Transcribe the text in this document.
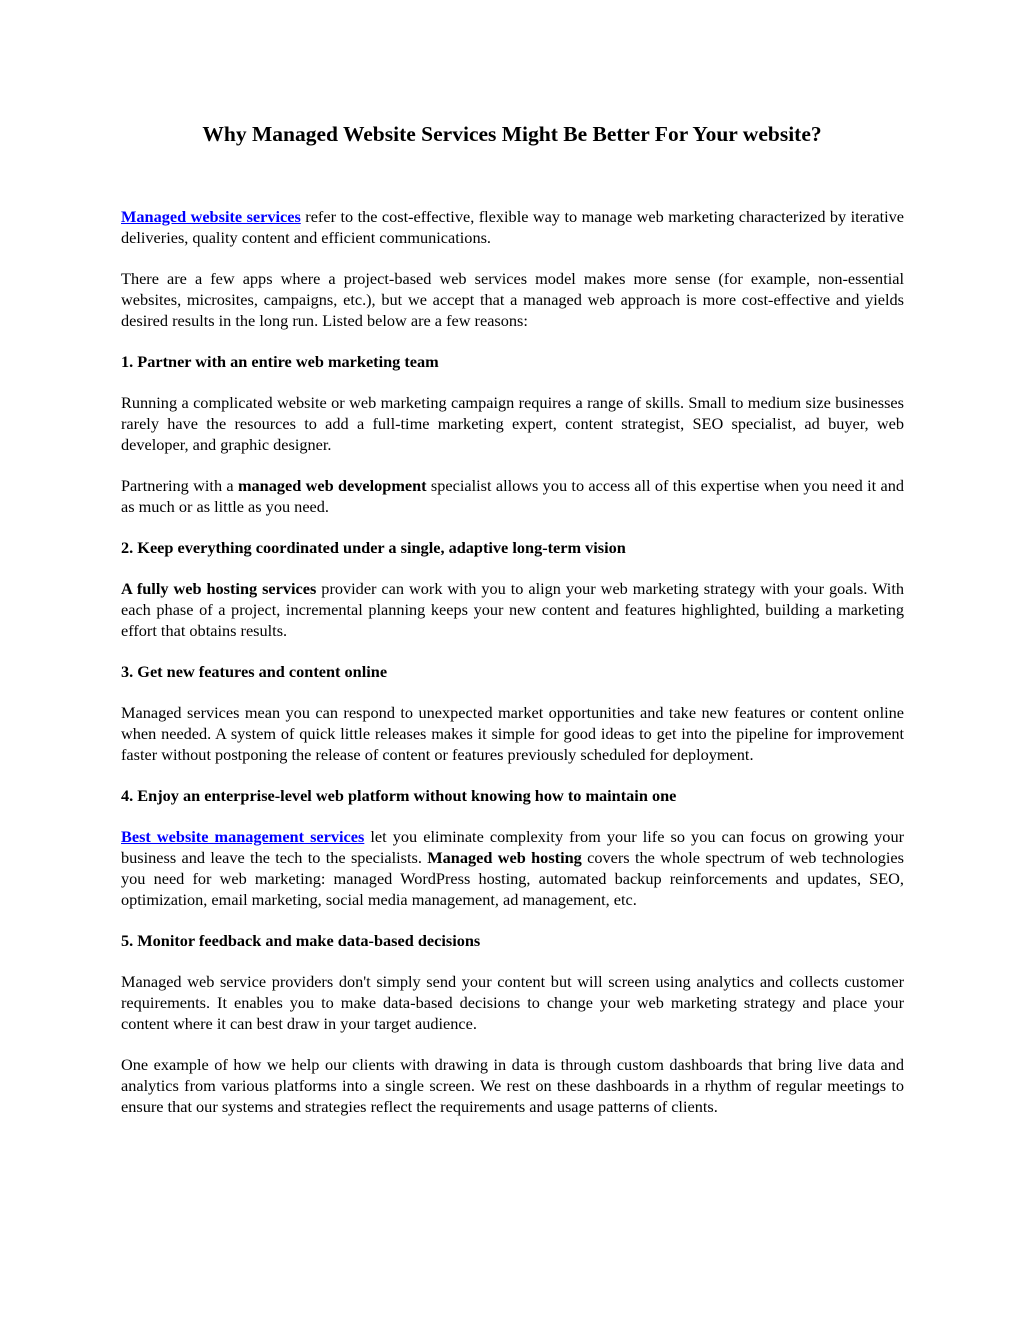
Why Managed Website Services Might Be Better For Your website?

Managed website services refer to the cost-effective, flexible way to manage web marketing characterized by iterative deliveries, quality content and efficient communications.

There are a few apps where a project-based web services model makes more sense (for example, non-essential websites, microsites, campaigns, etc.), but we accept that a managed web approach is more cost-effective and yields desired results in the long run. Listed below are a few reasons:

1. Partner with an entire web marketing team

Running a complicated website or web marketing campaign requires a range of skills. Small to medium size businesses rarely have the resources to add a full-time marketing expert, content strategist, SEO specialist, ad buyer, web developer, and graphic designer.

Partnering with a managed web development specialist allows you to access all of this expertise when you need it and as much or as little as you need.

2. Keep everything coordinated under a single, adaptive long-term vision

A fully web hosting services provider can work with you to align your web marketing strategy with your goals. With each phase of a project, incremental planning keeps your new content and features highlighted, building a marketing effort that obtains results.

3. Get new features and content online

Managed services mean you can respond to unexpected market opportunities and take new features or content online when needed. A system of quick little releases makes it simple for good ideas to get into the pipeline for improvement faster without postponing the release of content or features previously scheduled for deployment.

4. Enjoy an enterprise-level web platform without knowing how to maintain one

Best website management services let you eliminate complexity from your life so you can focus on growing your business and leave the tech to the specialists. Managed web hosting covers the whole spectrum of web technologies you need for web marketing: managed WordPress hosting, automated backup reinforcements and updates, SEO, optimization, email marketing, social media management, ad management, etc.

5. Monitor feedback and make data-based decisions

Managed web service providers don't simply send your content but will screen using analytics and collects customer requirements. It enables you to make data-based decisions to change your web marketing strategy and place your content where it can best draw in your target audience.

One example of how we help our clients with drawing in data is through custom dashboards that bring live data and analytics from various platforms into a single screen. We rest on these dashboards in a rhythm of regular meetings to ensure that our systems and strategies reflect the requirements and usage patterns of clients.
